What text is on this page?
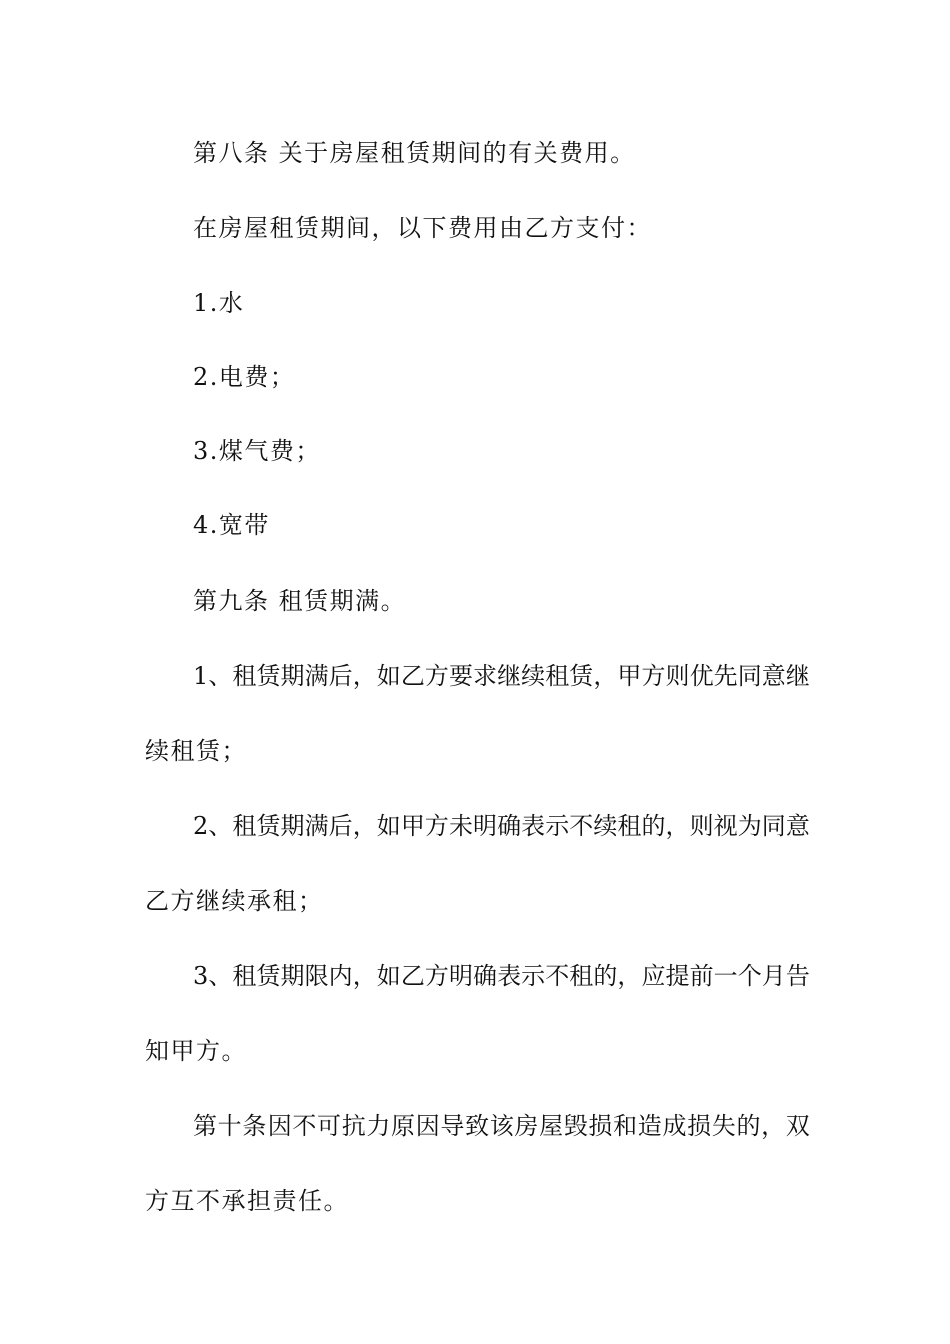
第八条 关于房屋租赁期间的有关费用。
在房屋租赁期间，以下费用由乙方支付：
1.水
2.电费；
3.煤气费；
4.宽带
第九条 租赁期满。
1 、 租 赁 期 满 后 ， 如 乙 方 要 求 继 续 租 赁 ， 甲 方 则 优 先 同 意 继
续租赁；
2 、 租 赁 期 满 后 ， 如 甲 方 未 明 确 表 示 不 续 租 的 ， 则 视 为 同 意
乙方继续承租；
3 、 租 赁 期 限 内 ， 如 乙 方 明 确 表 示 不 租 的 ， 应 提 前 一 个 月 告
知甲方。
第 十 条 因 不 可 抗 力 原 因 导 致 该 房 屋 毁 损 和 造 成 损 失 的 ， 双
方互不承担责任。
